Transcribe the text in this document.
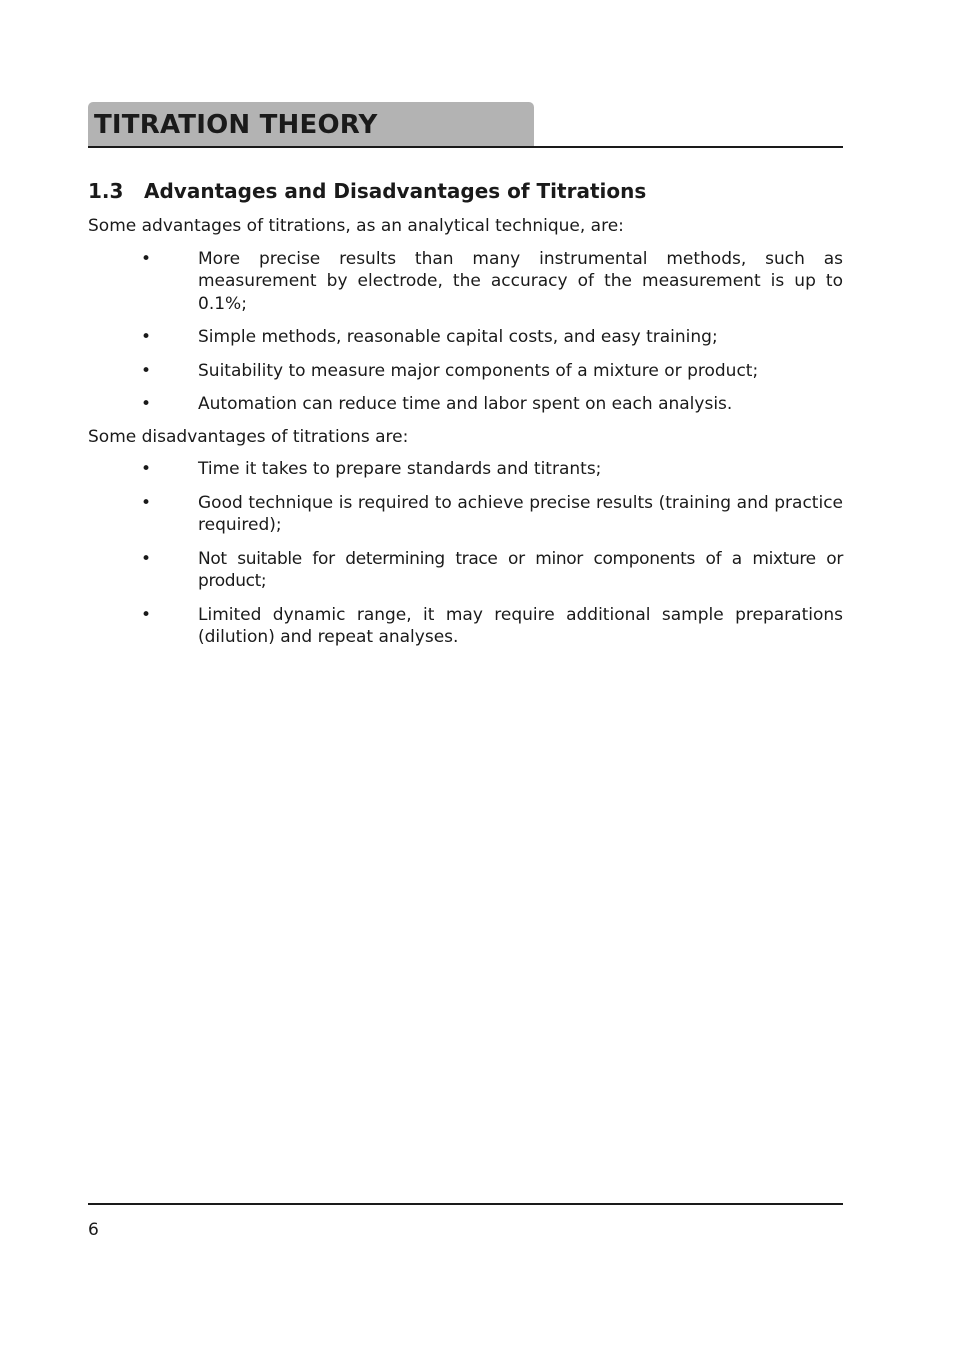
TITRATION THEORY
1.3 Advantages and Disadvantages of Titrations

Some advantages of titrations, as an analytical technique, are:

•	More precise results than many instrumental methods, such as measurement by electrode, the accuracy of the measurement is up to 0.1%;
•	Simple methods, reasonable capital costs, and easy training;
•	Suitability to measure major components of a mixture or product;
•	Automation can reduce time and labor spent on each analysis.

Some disadvantages of titrations are:

•	Time it takes to prepare standards and titrants;
•	Good technique is required to achieve precise results (training and practice required);
•	Not suitable for determining trace or minor components of a mixture or product;
•	Limited dynamic range, it may require additional sample preparations (dilution) and repeat analyses.
6
